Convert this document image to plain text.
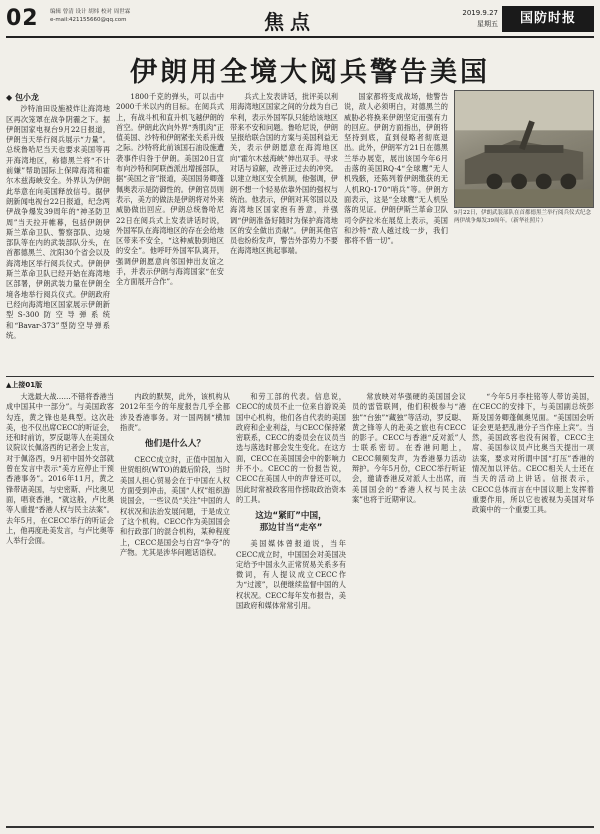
02 编辑 曾清 设计 胡炜 校对 周世霖
e-mail:421155660@qq.com	焦点	2019.9.27
星期五	国防时报
伊朗用全境大阅兵警告美国
◆ 包小龙

沙特油田设施被炸让海湾地区再次笼罩在战争阴霾之下。据伊朗国家电视台9月22日报道，伊朗当天举行阅兵展示“力量”。总统鲁哈尼当天也要求美国等再开海湾地区，称德黑兰将“不计前嫌”帮助国际上保障海湾和霍尔木兹海峡安全。外界认为伊朗此举意在向美国释放信号。据伊朗新闻电视台22日报道，纪念两伊战争爆发39周年的“神圣防卫周”当天拉开帷幕，包括伊朗伊斯兰革命卫队、警察部队、边境部队等在内的武装部队分头，在首都德黑兰、沈阳30个省会以及海湾地区举行阅兵仪式。伊朗伊斯兰革命卫队已经开始在海湾地区部署，伊朗武装力量在伊朗全境各地举行阅兵仪式。伊朗政府已经向海湾地区国家展示伊朗新型S-300防空导弹系统和“Bavar-373”型防空导弹系统。

1800千克的弹头，可以击中2000千米以内的目标。在阅兵式上，有战斗机和直升机飞越伊朗的首空。伊朗此次向外界“秀肌肉”正值美国、沙特和伊朗紧张关系升级之际。沙特将此前该国石油设施遭袭事件归咎于伊朗。美国20日宣布向沙特和阿联酋派出增援部队，据“美国之音”报道，美国国务卿蓬佩奥表示是防御性的。伊朗官员则表示，美方的做法是伊朗将对外来威胁做出回应。伊朗总统鲁哈尼22日在阅兵式上发表讲话时说，外国军队在海湾地区的存在会给地区带来不安全，“这种威胁到地区的安全”。他呼吁外国军队离开，强调伊朗愿意向邻国伸出友谊之手，并表示伊朗与海湾国家“在安全方面展开合作”。

兵式上发表讲话，批评美以利用海湾地区国家之间的分歧为自己牟利，表示外国军队只能给该地区带来不安和问题。鲁哈尼说，伊朗呈报给联合国的方案与美国利益无关，表示伊朗愿意在海湾地区向“霍尔木兹海峡”伸出双手。寻求对话与谅解，改善正过去的冲突。以建立地区安全机制，他强调，伊朗不想一个轻易依靠外国的强权与统治。他表示，伊朗对其邻国以及海湾地区国家抱有善意，并强调“伊朗准备好随时为保护海湾地区的安全做出贡献”。伊朗其他官员也纷纷发声，警告外部势力不要在海湾地区挑起事端。

国家都将变成战场，他警告说，敌人必须明白，对德黑兰的威胁必将换来伊朗坚定而强有力的回应。伊朗方面指出，伊朗将坚持到底，直到侵略者彻底退出。此外，伊朗军方21日在德黑兰举办展览，展出该国今年6月击落的美国RQ-4“全球鹰”无人机残骸，还陈列着伊朗缴获的无人机RQ-170“哨兵”等。伊朗方面表示，这是“全球鹰”无人机坠落的见证。伊朗伊斯兰革命卫队司令萨拉米在展览上表示，美国和沙特“敌人越过线一步，我们都将不惜一切”。

9月22日，伊朗武装部队在首都德黑兰举行阅兵仪式纪念两伊战争爆发39周年。（新华社照片）
▲上接01版

大选最大战……不错将香港当成中国其中一部分”。与美国政客勾连，黄之锋也是典型。这次赴美，也不仅出席CECC的听证会，还和时前访，罗反聪等人在美国众议院议长佩洛西的记者会上发言，对于佩洛西，9月初中国外交部就曾在发言中表示“美方应停止干预香港事务”。2016年11月，黄之锋带诸美国，与史密斯、卢比奥见面，唱衰香港，“就这般，卢比奥等人重提“香港人权与民主法案”。去年5月，在CECC举行的听证会上，他再度赴美发言，与卢比奥等人举行会面。

内政的默契，此外，该机构从2012年至今的年度报告几乎全都涉及香港事务。对一国两制“横加指责”。

他们是什么人？

CECC成立时，正值中国加入世贸组织(WTO)的最后阶段，当时美国人担心贸易会在于中国在人权方面受到冲击，美国“人权”组织游说国会，一些议员“关注”中国的人权状况和法治发展问题，于是成立了这个机构。CECC作为美国国会和行政部门的混合机构，某种程度上，CECC是国会与白宫“争夺”的产物。尤其是涉华问题话语权。

和劳工部的代表。信息说，CECC的成员不止一位来自游说美国中心机构，他们各自代表的美国政府和企业利益，与CECC保持紧密联系，CECC的委员会在议员当选与落选时都会发生变化。在这方面，CECC在美国国会中的影响力并不小。CECC的一份报告说，CECC在美国人中的声誉还可以，因此时常被政客用作捞取政治资本的工具。

这边“紧盯”中国，
那边甘当“走卒”

美国媒体曾报道说，当年CECC成立时，中国国会对美国决定给予中国永久正常贸易关系多有微词，有人提议成立CECC作为“过渡”，以便继续监督中国的人权状况。CECC每年发布报告，美国政府和媒体常常引用。

常放映对华强硬的美国国会议员的雷管联网，他们积极参与“港独”“台独”“藏独”等活动，罗反聪、黄之锋等人的赴美之旅也有CECC的影子。CECC与香港“反对派”人士联系密切。在香港问题上，CECC频频发声，为香港暴力活动辩护。今年5月份，CECC举行听证会，邀请香港反对派人士出席，而美国国会的“香港人权与民主法案”也将于近期审议。

“今年5月李柱铭等人带访美国，在CECC的安排下，与美国副总统彭斯及国务卿蓬佩奥见面。“美国国会听证会更是把乱港分子当作座上宾”。当然，美国政客也没有闲着，CECC主席、美国参议员卢比奥当天提出一项法案，要求对所谓中国“打压”香港的情况加以评估。CECC相关人士还在当天的活动上讲话。信报表示，CECC总体而言在中国议题上发挥着重要作用，所以它也被视为美国对华政策中的一个重要工具。
